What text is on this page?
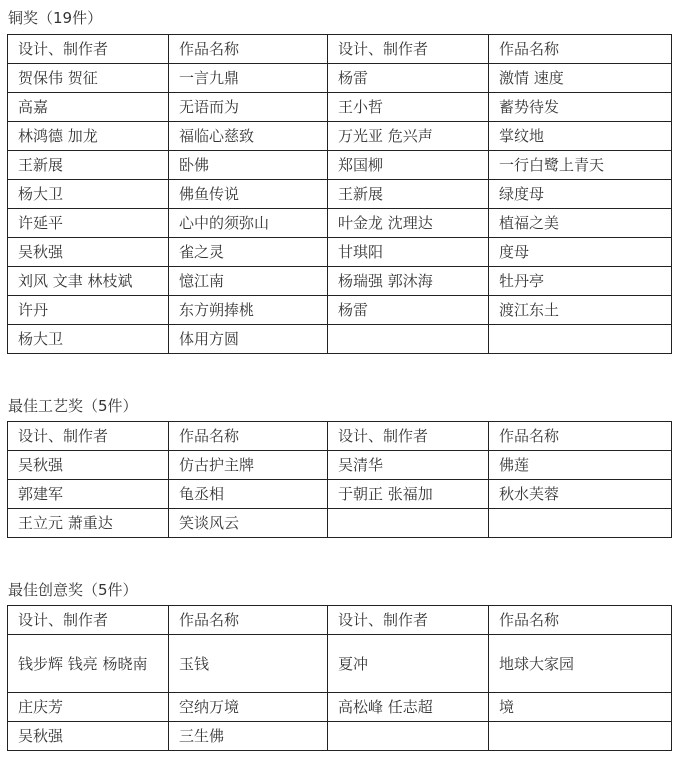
铜奖（19件）
设计、制作者	作品名称	设计、制作者	作品名称
贺保伟 贺征	一言九鼎	杨雷	激情 速度
高嘉	无语而为	王小哲	蓄势待发
林鸿德 加龙	福临心慈致	万光亚 危兴声	掌纹地
王新展	卧佛	郑国柳	一行白鹭上青天
杨大卫	佛鱼传说	王新展	绿度母
许延平	心中的须弥山	叶金龙 沈理达	植福之美
吴秋强	雀之灵	甘琪阳	度母
刘风 文聿 林枝斌	憶江南	杨瑞强 郭沐海	牡丹亭
许丹	东方朔捧桃	杨雷	渡江东土
杨大卫	体用方圆		
最佳工艺奖（5件）
设计、制作者	作品名称	设计、制作者	作品名称
吴秋强	仿古护主牌	吴清华	佛莲
郭建军	龟丞相	于朝正 张福加	秋水芙蓉
王立元 萧重达	笑谈风云		
最佳创意奖（5件）
设计、制作者	作品名称	设计、制作者	作品名称
钱步辉 钱亮 杨晓南	玉钱	夏冲	地球大家园
庄庆芳	空纳万境	高松峰 任志超	境
吴秋强	三生佛		
